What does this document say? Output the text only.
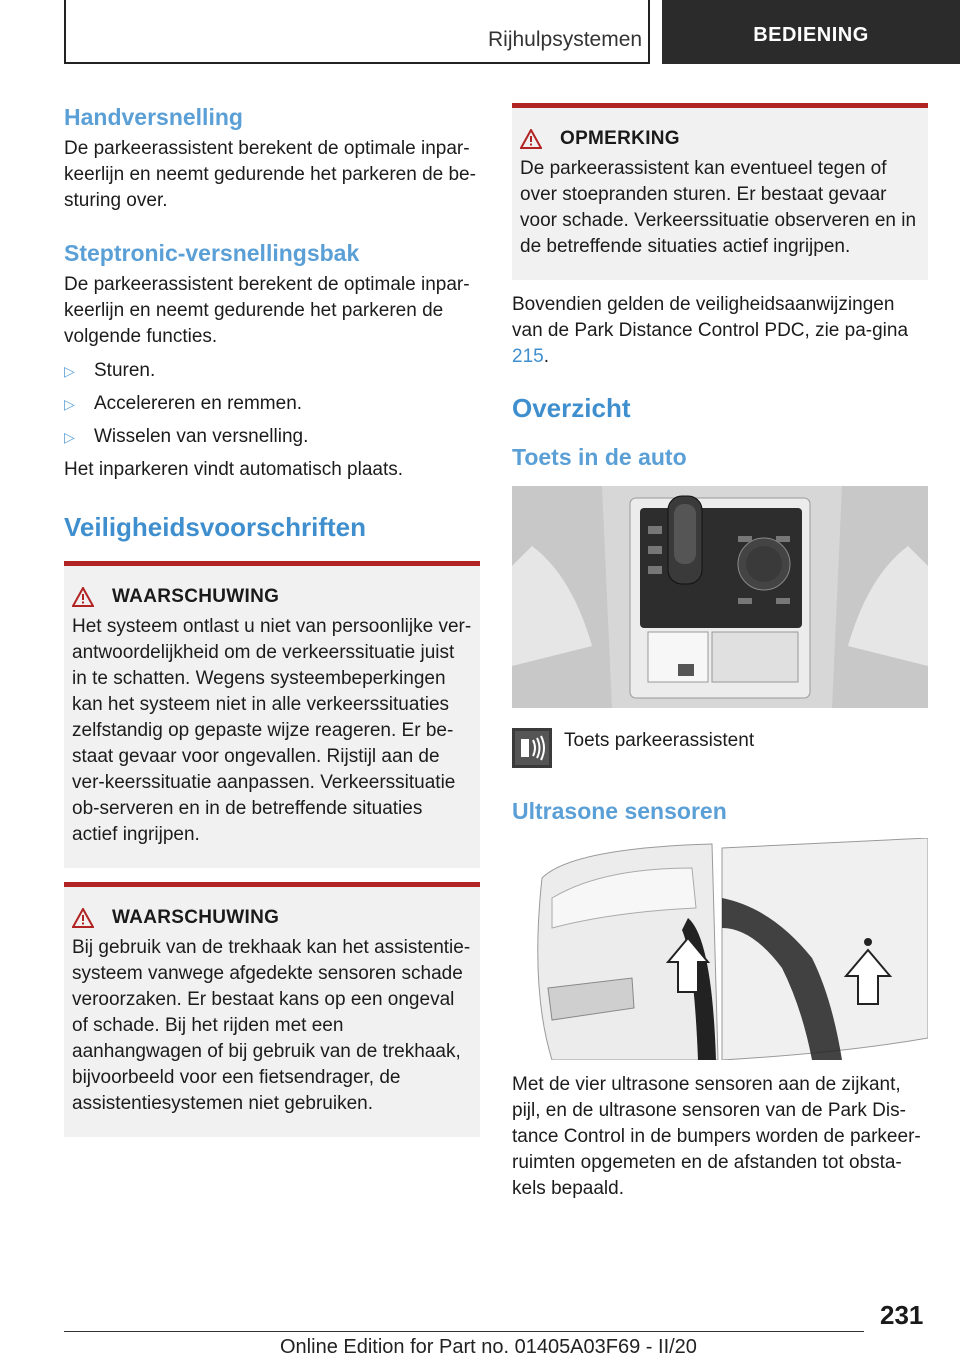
Rijhulpsystemen	BEDIENING
Handversnelling

De parkeerassistent berekent de optimale inpar-keerlijn en neemt gedurende het parkeren de be-sturing over.

Steptronic-versnellingsbak

De parkeerassistent berekent de optimale inpar-keerlijn en neemt gedurende het parkeren de volgende functies.

▷ Sturen.
▷ Accelereren en remmen.
▷ Wisselen van versnelling.

Het inparkeren vindt automatisch plaats.

Veiligheidsvoorschriften
WAARSCHUWING

Het systeem ontlast u niet van persoonlijke ver-antwoordelijkheid om de verkeerssituatie juist in te schatten. Wegens systeembeperkingen kan het systeem niet in alle verkeerssituaties zelfstandig op gepaste wijze reageren. Er be-staat gevaar voor ongevallen. Rijstijl aan de ver-keerssituatie aanpassen. Verkeerssituatie ob-serveren en in de betreffende situaties actief ingrijpen.

WAARSCHUWING

Bij gebruik van de trekhaak kan het assistentie-systeem vanwege afgedekte sensoren schade veroorzaken. Er bestaat kans op een ongeval of schade. Bij het rijden met een aanhangwagen of bij gebruik van de trekhaak, bijvoorbeeld voor een fietsendrager, de assistentiesystemen niet gebruiken.

OPMERKING

De parkeerassistent kan eventueel tegen of over stoepranden sturen. Er bestaat gevaar voor schade. Verkeerssituatie observeren en in de betreffende situaties actief ingrijpen.

Bovendien gelden de veiligheidsaanwijzingen van de Park Distance Control PDC, zie pa-gina 215.

Overzicht
Toets in de auto

Toets parkeerassistent

Ultrasone sensoren

Met de vier ultrasone sensoren aan de zijkant, pijl, en de ultrasone sensoren van de Park Dis-tance Control in de bumpers worden de parkeer-ruimten opgemeten en de afstanden tot obsta-kels bepaald.

231
Online Edition for Part no. 01405A03F69 - II/20
